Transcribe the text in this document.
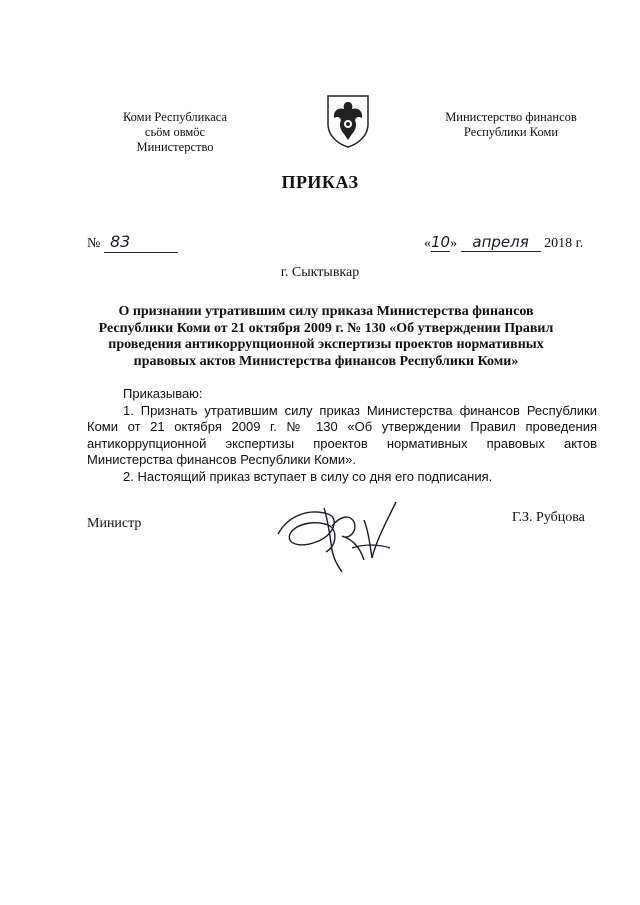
Коми Республикаса
сьӧм овмӧс
Министерство
Министерство финансов
Республики Коми
ПРИКАЗ
№ 83	«10» апреля 2018 г.
г. Сыктывкар
О признании утратившим силу приказа Министерства финансов Республики Коми от 21 октября 2009 г. № 130 «Об утверждении Правил проведения антикоррупционной экспертизы проектов нормативных правовых актов Министерства финансов Республики Коми»

Приказываю:

1. Признать утратившим силу приказ Министерства финансов Республики Коми от 21 октября 2009 г. № 130 «Об утверждении Правил проведения антикоррупционной экспертизы проектов нормативных правовых актов Министерства финансов Республики Коми».

2. Настоящий приказ вступает в силу со дня его подписания.

Министр	Г.З. Рубцова
